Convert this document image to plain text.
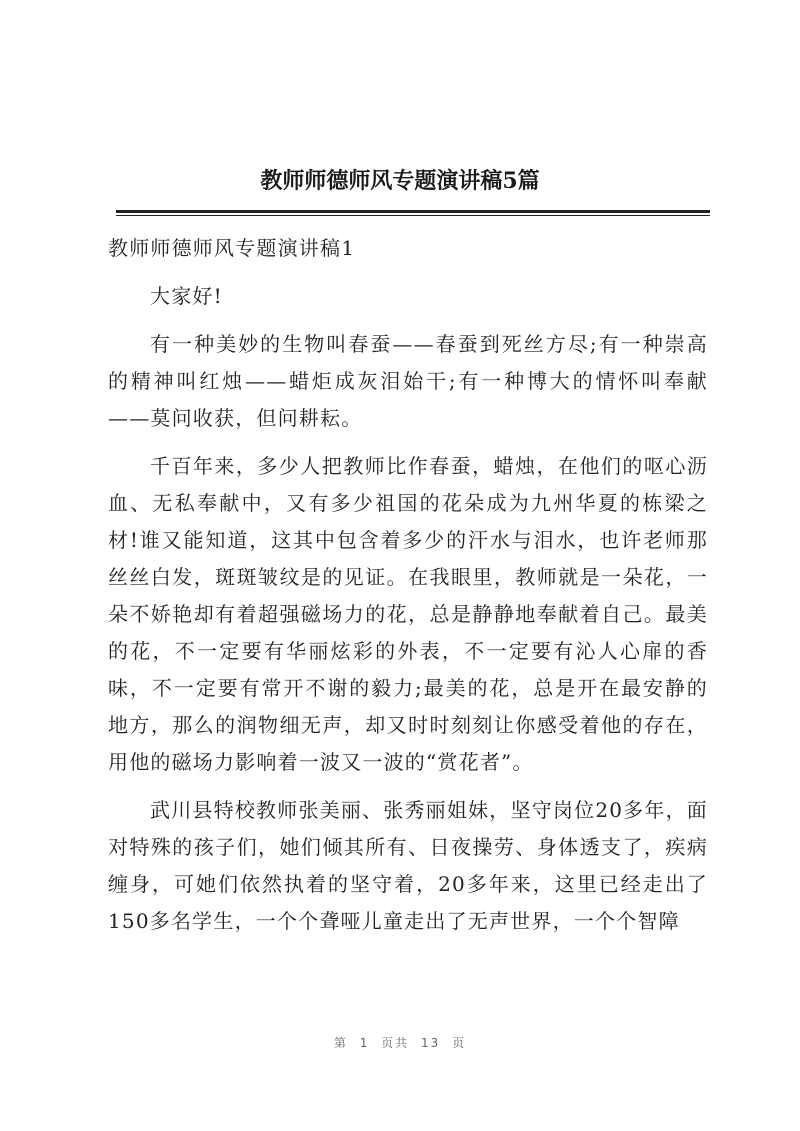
教师师德师风专题演讲稿5篇

教师师德师风专题演讲稿1

大家好!

有一种美妙的生物叫春蚕——春蚕到死丝方尽;有一种崇高的精神叫红烛——蜡炬成灰泪始干;有一种博大的情怀叫奉献——莫问收获，但问耕耘。

千百年来，多少人把教师比作春蚕，蜡烛，在他们的呕心沥血、无私奉献中，又有多少祖国的花朵成为九州华夏的栋梁之材!谁又能知道，这其中包含着多少的汗水与泪水，也许老师那丝丝白发，斑斑皱纹是的见证。在我眼里，教师就是一朵花，一朵不娇艳却有着超强磁场力的花，总是静静地奉献着自己。最美的花，不一定要有华丽炫彩的外表，不一定要有沁人心扉的香味，不一定要有常开不谢的毅力;最美的花，总是开在最安静的地方，那么的润物细无声，却又时时刻刻让你感受着他的存在，用他的磁场力影响着一波又一波的“赏花者”。

武川县特校教师张美丽、张秀丽姐妹，坚守岗位20多年，面对特殊的孩子们，她们倾其所有、日夜操劳、身体透支了，疾病缠身，可她们依然执着的坚守着，20多年来，这里已经走出了150多名学生，一个个聋哑儿童走出了无声世界，一个个智障

第 1 页共 13 页
